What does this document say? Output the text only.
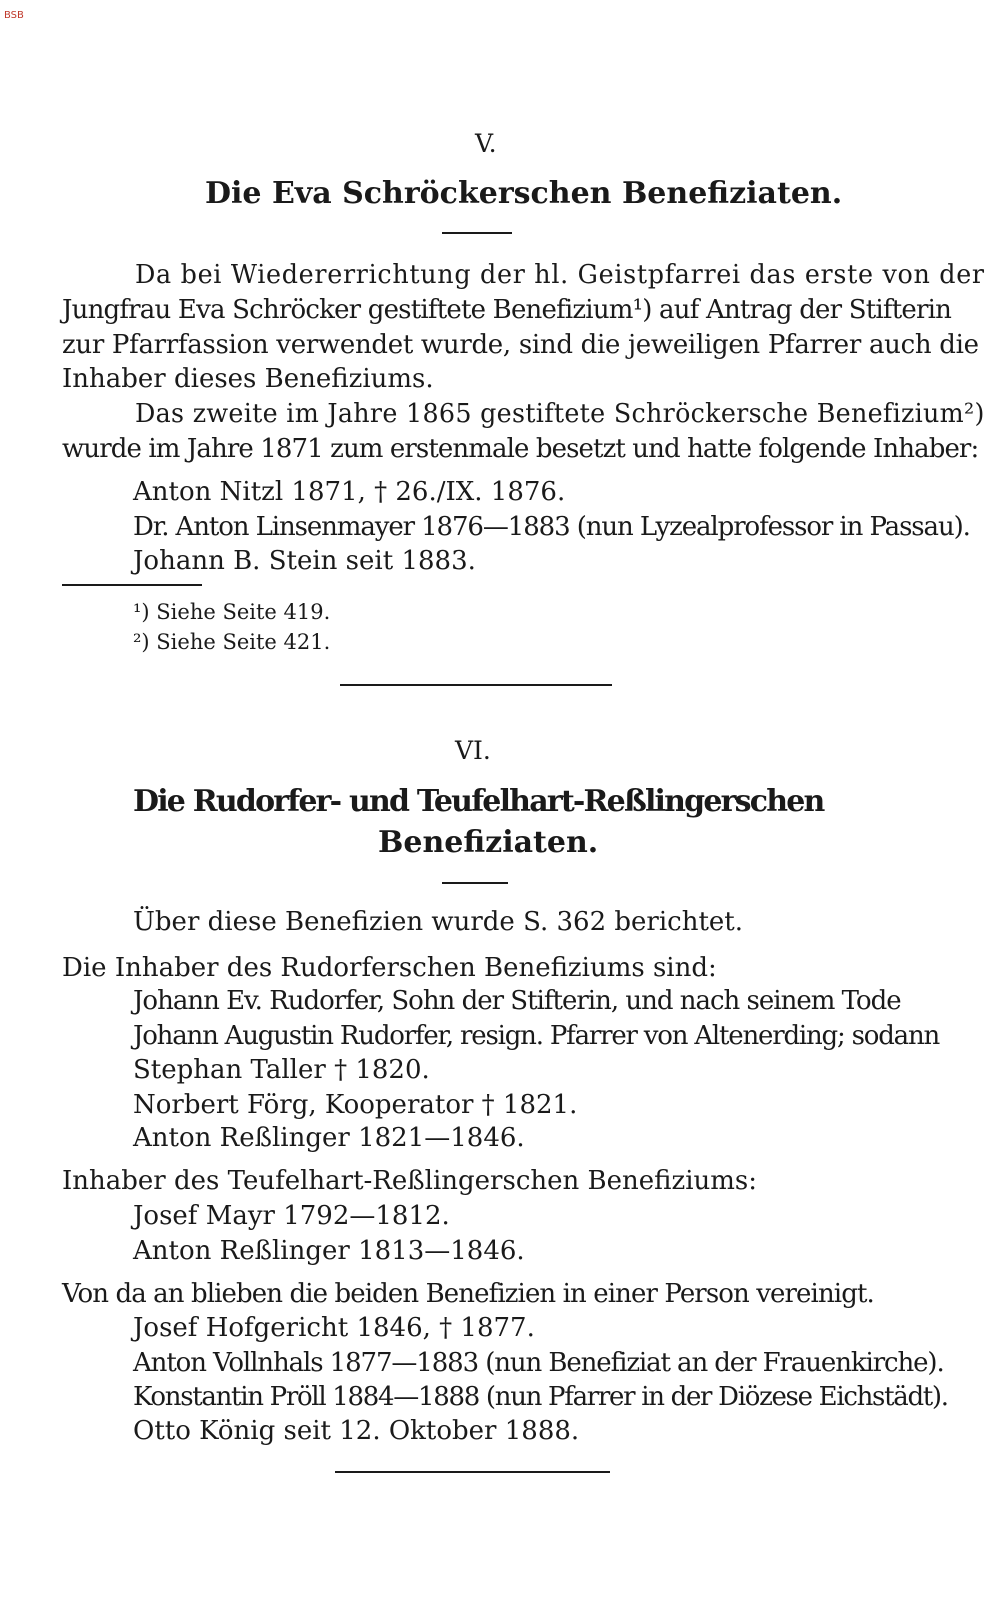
BSB
V.
Die Eva Schröckerschen Benefiziaten.
Da bei Wiedererrichtung der hl. Geistpfarrei das erste von der
Jungfrau Eva Schröcker gestiftete Benefizium¹) auf Antrag der Stifterin
zur Pfarrfassion verwendet wurde, sind die jeweiligen Pfarrer auch die
Inhaber dieses Benefiziums.
Das zweite im Jahre 1865 gestiftete Schröckersche Benefizium²)
wurde im Jahre 1871 zum erstenmale besetzt und hatte folgende Inhaber:
Anton Nitzl 1871, † 26./IX. 1876.
Dr. Anton Linsenmayer 1876—1883 (nun Lyzealprofessor in Passau).
Johann B. Stein seit 1883.
¹) Siehe Seite 419.
²) Siehe Seite 421.
VI.
Die Rudorfer- und Teufelhart-Reßlingerschen
Benefiziaten.
Über diese Benefizien wurde S. 362 berichtet.
Die Inhaber des Rudorferschen Benefiziums sind:
Johann Ev. Rudorfer, Sohn der Stifterin, und nach seinem Tode
Johann Augustin Rudorfer, resign. Pfarrer von Altenerding; sodann
Stephan Taller † 1820.
Norbert Förg, Kooperator † 1821.
Anton Reßlinger 1821—1846.
Inhaber des Teufelhart-Reßlingerschen Benefiziums:
Josef Mayr 1792—1812.
Anton Reßlinger 1813—1846.
Von da an blieben die beiden Benefizien in einer Person vereinigt.
Josef Hofgericht 1846, † 1877.
Anton Vollnhals 1877—1883 (nun Benefiziat an der Frauenkirche).
Konstantin Pröll 1884—1888 (nun Pfarrer in der Diözese Eichstädt).
Otto König seit 12. Oktober 1888.
